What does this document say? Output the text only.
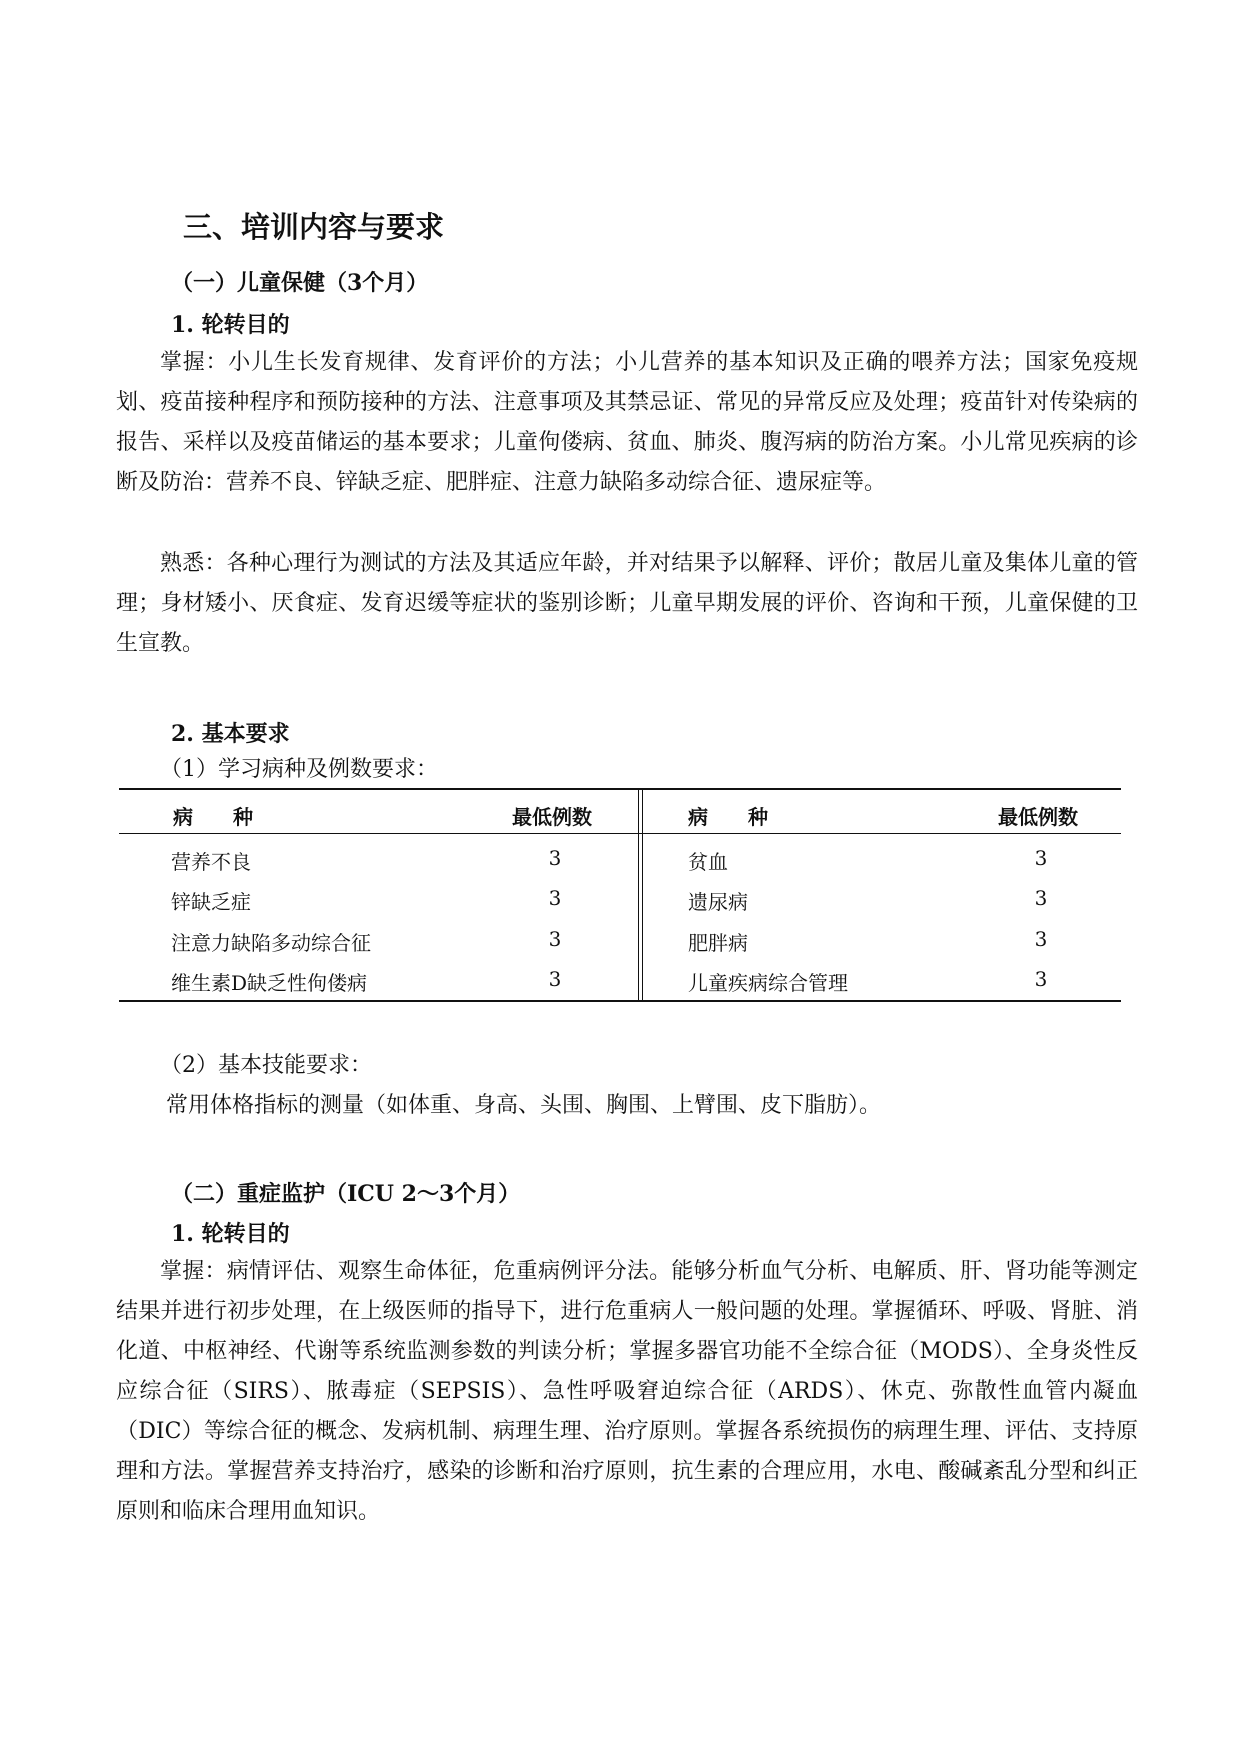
三、培训内容与要求
（一）儿童保健（3个月）
1. 轮转目的

掌握：小儿生长发育规律、发育评价的方法；小儿营养的基本知识及正确的喂养方法；国家免疫规划、疫苗接种程序和预防接种的方法、注意事项及其禁忌证、常见的异常反应及处理；疫苗针对传染病的报告、采样以及疫苗储运的基本要求；儿童佝偻病、贫血、肺炎、腹泻病的防治方案。小儿常见疾病的诊断及防治：营养不良、锌缺乏症、肥胖症、注意力缺陷多动综合征、遗尿症等。

熟悉：各种心理行为测试的方法及其适应年龄，并对结果予以解释、评价；散居儿童及集体儿童的管理；身材矮小、厌食症、发育迟缓等症状的鉴别诊断；儿童早期发展的评价、咨询和干预，儿童保健的卫生宣教。

2. 基本要求
（1）学习病种及例数要求：
病　　种	最低例数	病　　种	最低例数
营养不良	3	贫血	3
锌缺乏症	3	遗尿病	3
注意力缺陷多动综合征	3	肥胖病	3
维生素D缺乏性佝偻病	3	儿童疾病综合管理	3
（2）基本技能要求：
常用体格指标的测量（如体重、身高、头围、胸围、上臂围、皮下脂肪）。
（二）重症监护（ICU 2～3个月）
1. 轮转目的

掌握：病情评估、观察生命体征，危重病例评分法。能够分析血气分析、电解质、肝、肾功能等测定结果并进行初步处理，在上级医师的指导下，进行危重病人一般问题的处理。掌握循环、呼吸、肾脏、消化道、中枢神经、代谢等系统监测参数的判读分析；掌握多器官功能不全综合征（MODS）、全身炎性反应综合征（SIRS）、脓毒症（SEPSIS）、急性呼吸窘迫综合征（ARDS）、休克、弥散性血管内凝血（DIC）等综合征的概念、发病机制、病理生理、治疗原则。掌握各系统损伤的病理生理、评估、支持原理和方法。掌握营养支持治疗，感染的诊断和治疗原则，抗生素的合理应用，水电、酸碱紊乱分型和纠正原则和临床合理用血知识。
